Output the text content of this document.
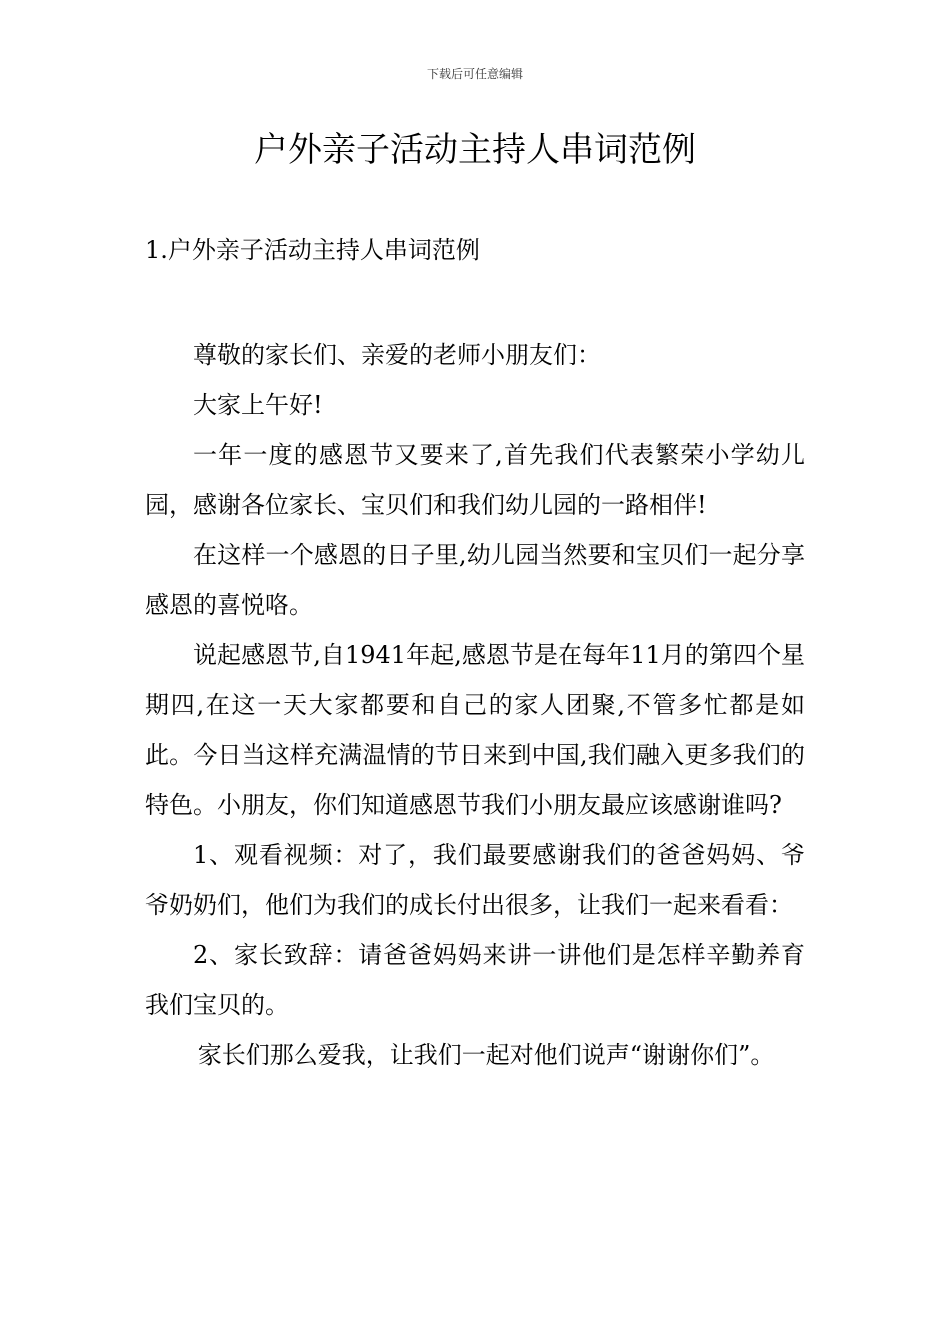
下载后可任意编辑
户外亲子活动主持人串词范例
1.户外亲子活动主持人串词范例

尊敬的家长们、亲爱的老师小朋友们：

大家上午好!

一年一度的感恩节又要来了,首先我们代表繁荣小学幼儿园，感谢各位家长、宝贝们和我们幼儿园的一路相伴!

在这样一个感恩的日子里,幼儿园当然要和宝贝们一起分享感恩的喜悦咯。

说起感恩节,自1941年起,感恩节是在每年11月的第四个星期四,在这一天大家都要和自己的家人团聚,不管多忙都是如此。今日当这样充满温情的节日来到中国,我们融入更多我们的特色。小朋友，你们知道感恩节我们小朋友最应该感谢谁吗?

1、观看视频：对了，我们最要感谢我们的爸爸妈妈、爷爷奶奶们，他们为我们的成长付出很多，让我们一起来看看：

2、家长致辞：请爸爸妈妈来讲一讲他们是怎样辛勤养育我们宝贝的。

家长们那么爱我，让我们一起对他们说声“谢谢你们”。
